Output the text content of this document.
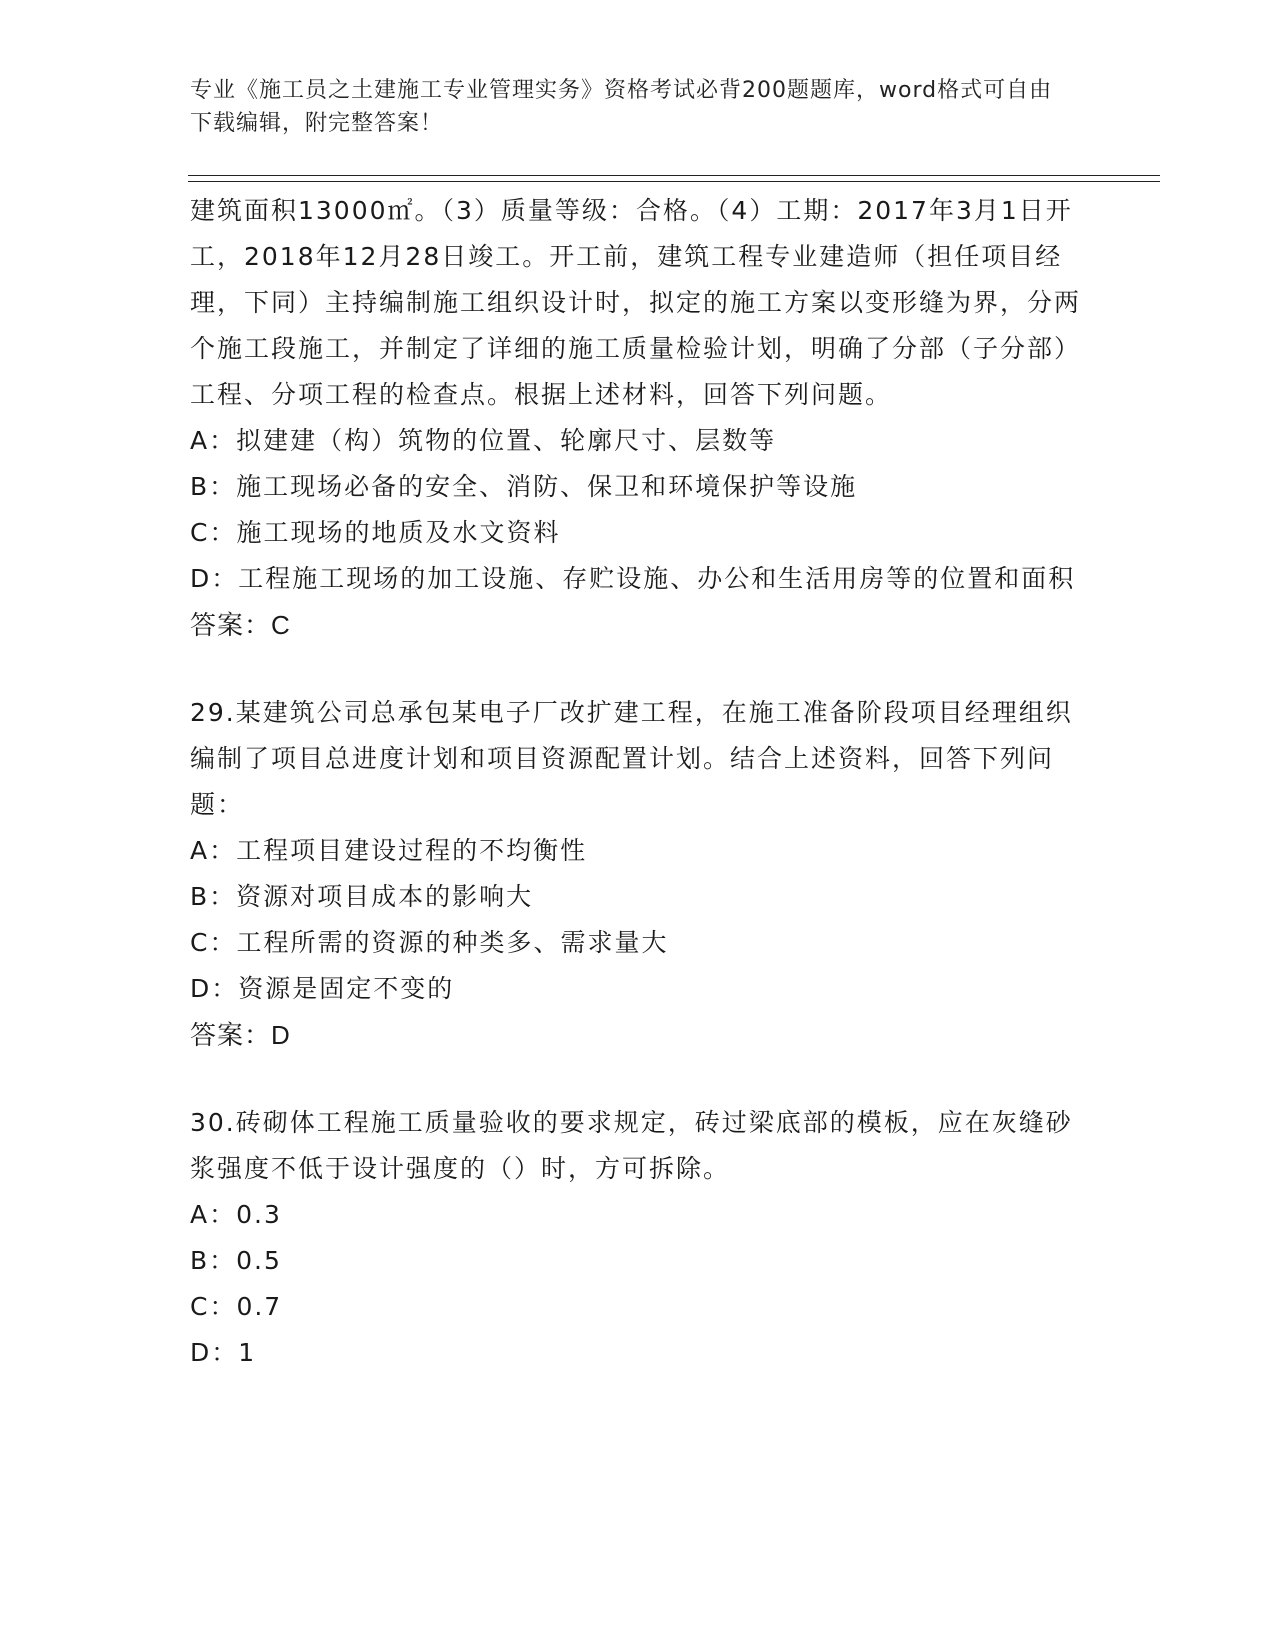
专业《施工员之土建施工专业管理实务》资格考试必背200题题库，word格式可自由下载编辑，附完整答案！

建筑面积13000㎡。（3）质量等级：合格。（4）工期：2017年3月1日开工，2018年12月28日竣工。开工前，建筑工程专业建造师（担任项目经理，下同）主持编制施工组织设计时，拟定的施工方案以变形缝为界，分两个施工段施工，并制定了详细的施工质量检验计划，明确了分部（子分部）工程、分项工程的检查点。根据上述材料，回答下列问题。

A：拟建建（构）筑物的位置、轮廓尺寸、层数等

B：施工现场必备的安全、消防、保卫和环境保护等设施

C：施工现场的地质及水文资料

D：工程施工现场的加工设施、存贮设施、办公和生活用房等的位置和面积

答案：C

29.某建筑公司总承包某电子厂改扩建工程，在施工准备阶段项目经理组织编制了项目总进度计划和项目资源配置计划。结合上述资料，回答下列问题：

A：工程项目建设过程的不均衡性

B：资源对项目成本的影响大

C：工程所需的资源的种类多、需求量大

D：资源是固定不变的

答案：D

30.砖砌体工程施工质量验收的要求规定，砖过梁底部的模板，应在灰缝砂浆强度不低于设计强度的（）时，方可拆除。

A：0.3

B：0.5

C：0.7

D：1
